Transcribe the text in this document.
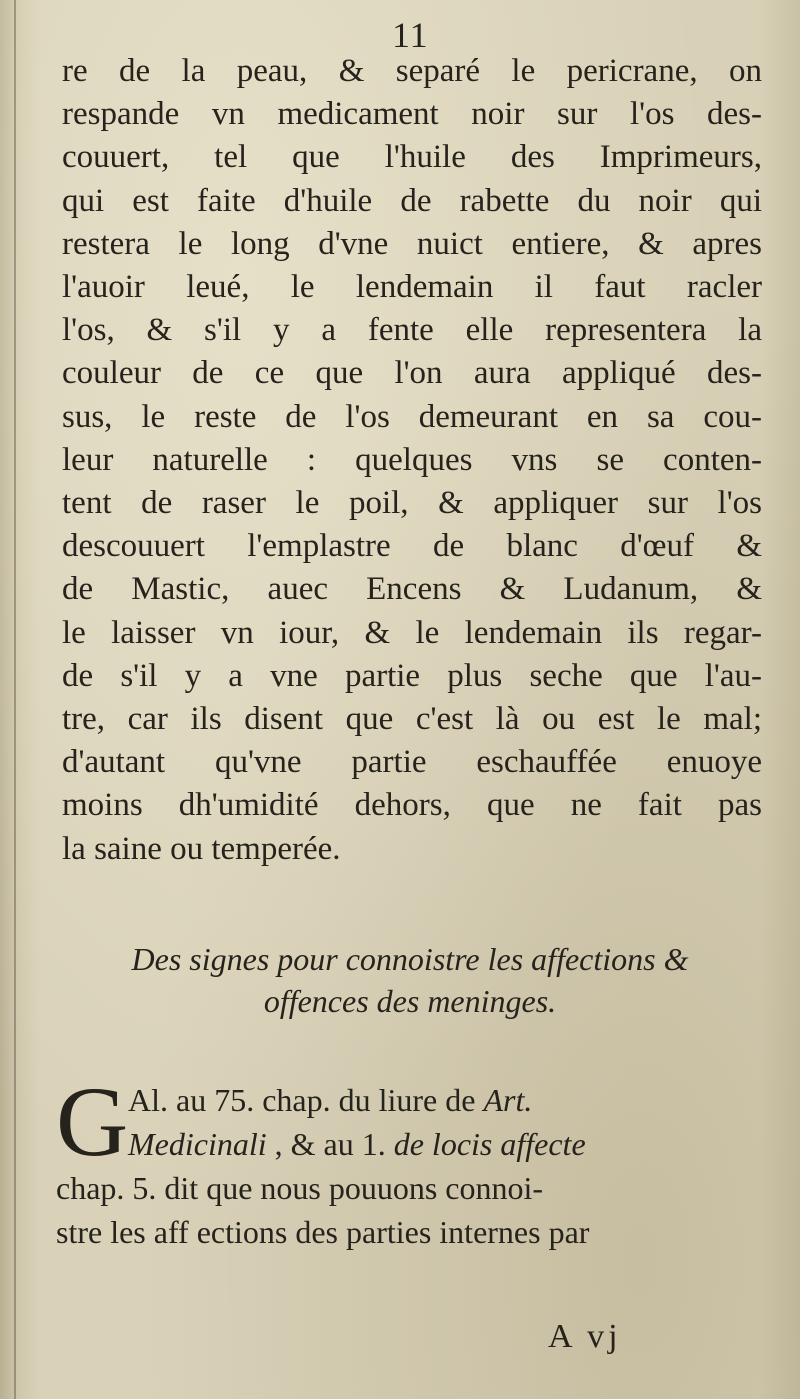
11
re de la peau, & separé le pericrane, on
respande vn medicament noir sur l'os des-
couuert, tel que l'huile des Imprimeurs,
qui est faite d'huile de rabette du noir qui
restera le long d'vne nuict entiere, & apres
l'auoir leué, le lendemain il faut racler
l'os, & s'il y a fente elle representera la
couleur de ce que l'on aura appliqué des-
sus, le reste de l'os demeurant en sa cou-
leur naturelle : quelques vns se conten-
tent de raser le poil, & appliquer sur l'os
descouuert l'emplastre de blanc d'œuf &
de Mastic, auec Encens & Ludanum, &
le laisser vn iour, & le lendemain ils regar-
de s'il y a vne partie plus seche que l'au-
tre, car ils disent que c'est là ou est le mal;
d'autant qu'vne partie eschauffée enuoye
moins dh'umidité dehors, que ne fait pas
la saine ou temperée.
Des signes pour connoistre les affections &
offences des meninges.
G Al. au 75. chap. du liure de Art.
Medicinali , & au 1. de locis affecte
chap. 5. dit que nous pouuons connoi-
stre les aff ections des parties internes par
A vj
